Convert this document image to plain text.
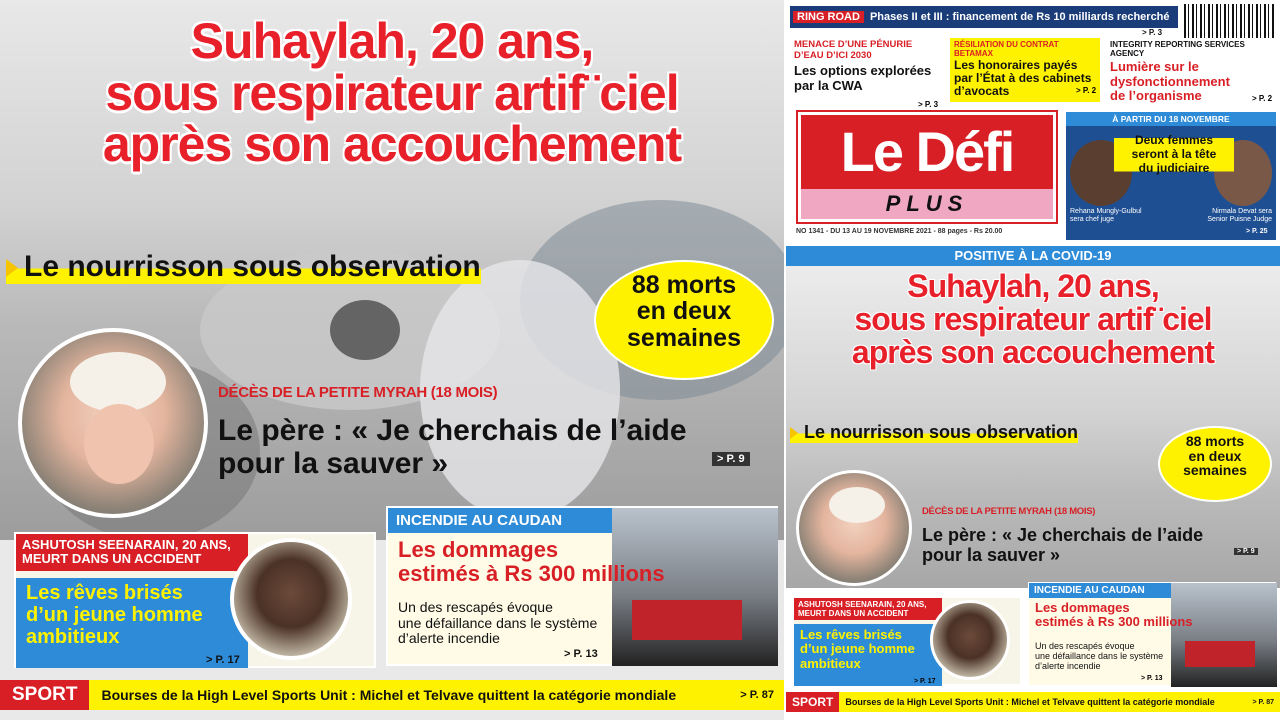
Suhaylah, 20 ans,
sous respirateur artif¨ciel
après son accouchement
Le nourrisson sous observation
88 morts
en deux
semaines
DÉCÈS DE LA PETITE MYRAH (18 MOIS)
Le père : « Je cherchais de l’aide
pour la sauver »	> P. 9
ASHUTOSH SEENARAIN, 20 ANS,
MEURT DANS UN ACCIDENT
Les rêves brisés
d’un jeune homme
ambitieux
> P. 17
INCENDIE AU CAUDAN
Les dommages
estimés à Rs 300 millions
Un des rescapés évoque
une défaillance dans le système
d’alerte incendie
> P. 13
SPORT	Bourses de la High Level Sports Unit : Michel et Telvave quittent la catégorie mondiale	> P. 87
RING ROAD Phases II et III : financement de Rs 10 milliards recherché
> P. 3
MENACE D’UNE PÉNURIE
D’EAU D’ICI 2030
Les options explorées
par la CWA
> P. 3
RÉSILIATION DU CONTRAT BETAMAX
Les honoraires payés
par l’État à des cabinets
d’avocats	> P. 2
INTEGRITY REPORTING SERVICES AGENCY
Lumière sur le
dysfonctionnement
de l’organisme	> P. 2
Le Défi
PLUS
NO 1341 - DU 13 AU 19 NOVEMBRE 2021 - 88 pages - Rs 20.00
À PARTIR DU 18 NOVEMBRE
Deux femmes
seront à la tête
du judiciaire
Rehana Mungly-Gulbul
sera chef juge
Nirmala Devat sera
Senior Puisne Judge
> P. 25
POSITIVE À LA COVID-19
Suhaylah, 20 ans,
sous respirateur artif¨ciel
après son accouchement
Le nourrisson sous observation	88 morts
en deux
semaines
DÉCÈS DE LA PETITE MYRAH (18 MOIS)
Le père : « Je cherchais de l’aide
pour la sauver »	> P. 9
ASHUTOSH SEENARAIN, 20 ANS,
MEURT DANS UN ACCIDENT
Les rêves brisés
d’un jeune homme
ambitieux
> P. 17
INCENDIE AU CAUDAN
Les dommages
estimés à Rs 300 millions
Un des rescapés évoque
une défaillance dans le système
d’alerte incendie
> P. 13
SPORT	Bourses de la High Level Sports Unit : Michel et Telvave quittent la catégorie mondiale	> P. 87
